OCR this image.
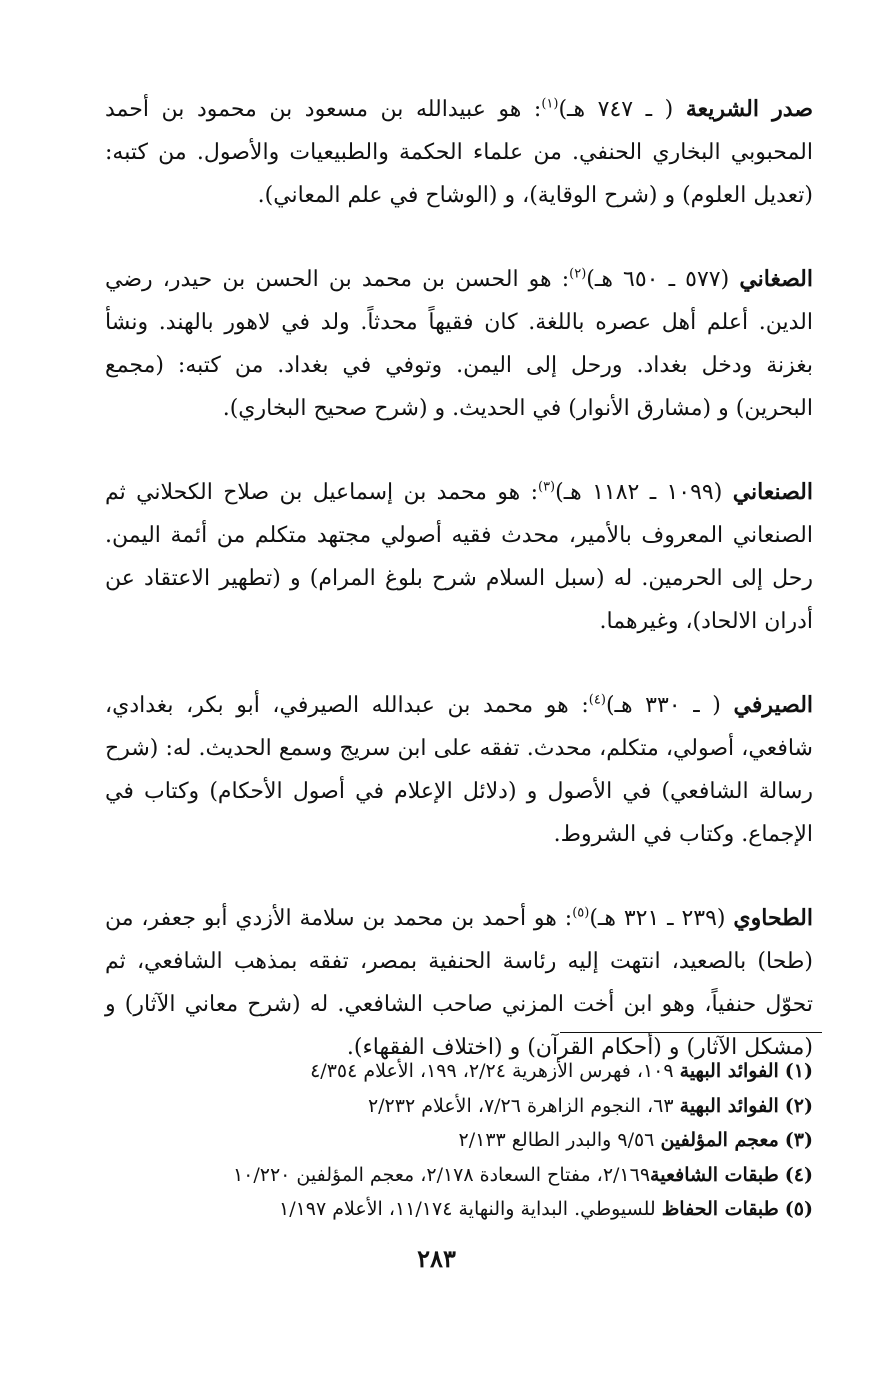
صدر الشريعة ( ـ ٧٤٧ هـ)$^{(١)}$: هو عبيدالله بن مسعود بن محمود بن أحمد المحبوبي البخاري الحنفي. من علماء الحكمة والطبيعيات والأصول. من كتبه: (تعديل العلوم) و (شرح الوقاية)، و (الوشاح في علم المعاني).

الصغاني (٥٧٧ ـ ٦٥٠ هـ)$^{(٢)}$: هو الحسن بن محمد بن الحسن بن حيدر، رضي الدين. أعلم أهل عصره باللغة. كان فقيهاً محدثاً. ولد في لاهور بالهند. ونشأ بغزنة ودخل بغداد. ورحل إلى اليمن. وتوفي في بغداد. من كتبه: (مجمع البحرين) و (مشارق الأنوار) في الحديث. و (شرح صحيح البخاري).

الصنعاني (١٠٩٩ ـ ١١٨٢ هـ)$^{(٣)}$: هو محمد بن إسماعيل بن صلاح الكحلاني ثم الصنعاني المعروف بالأمير، محدث فقيه أصولي مجتهد متكلم من أئمة اليمن. رحل إلى الحرمين. له (سبل السلام شرح بلوغ المرام) و (تطهير الاعتقاد عن أدران الالحاد)، وغيرهما.

الصيرفي ( ـ ٣٣٠ هـ)$^{(٤)}$: هو محمد بن عبدالله الصيرفي، أبو بكر، بغدادي، شافعي، أصولي، متكلم، محدث. تفقه على ابن سريج وسمع الحديث. له: (شرح رسالة الشافعي) في الأصول و (دلائل الإعلام في أصول الأحكام) وكتاب في الإجماع. وكتاب في الشروط.

الطحاوي (٢٣٩ ـ ٣٢١ هـ)$^{(٥)}$: هو أحمد بن محمد بن سلامة الأزدي أبو جعفر، من (طحا) بالصعيد، انتهت إليه رئاسة الحنفية بمصر، تفقه بمذهب الشافعي، ثم تحوّل حنفياً، وهو ابن أخت المزني صاحب الشافعي. له (شرح معاني الآثار) و (مشكل الآثار) و (أحكام القرآن) و (اختلاف الفقهاء).

(١)الفوائد البهية ١٠٩، فهرس الأزهرية ٢/٢٤، ١٩٩، الأعلام ٤/٣٥٤
(٢)الفوائد البهية ٦٣، النجوم الزاهرة ٧/٢٦، الأعلام ٢/٢٣٢
(٣)معجم المؤلفين ٩/٥٦ والبدر الطالع ٢/١٣٣
(٤)طبقات الشافعية٢/١٦٩، مفتاح السعادة ٢/١٧٨، معجم المؤلفين ١٠/٢٢٠
(٥)طبقات الحفاظ للسيوطي. البداية والنهاية ١١/١٧٤، الأعلام ١/١٩٧
٢٨٣
